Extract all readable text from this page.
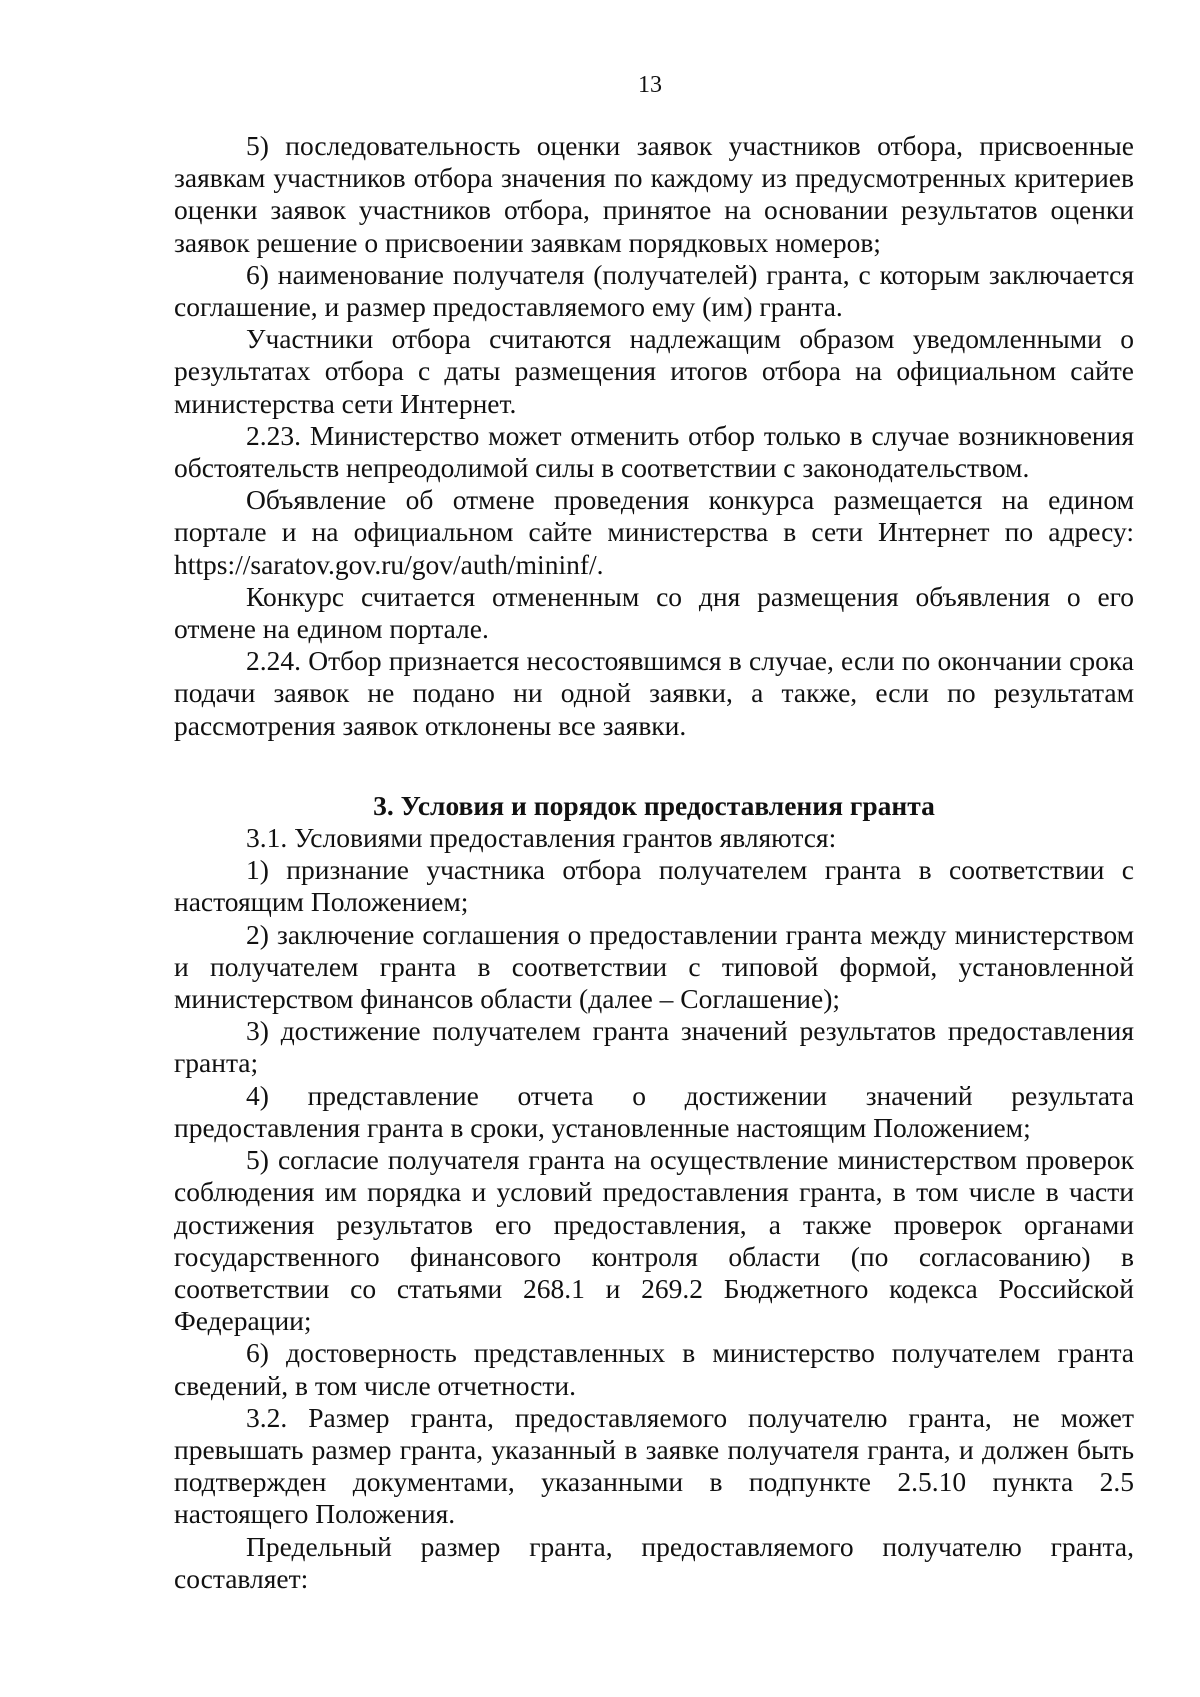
13

5) последовательность оценки заявок участников отбора, присвоенные заявкам участников отбора значения по каждому из предусмотренных критериев оценки заявок участников отбора, принятое на основании результатов оценки заявок решение о присвоении заявкам порядковых номеров;

6) наименование получателя (получателей) гранта, с которым заключается соглашение, и размер предоставляемого ему (им) гранта.

Участники отбора считаются надлежащим образом уведомленными о результатах отбора с даты размещения итогов отбора на официальном сайте министерства сети Интернет.

2.23. Министерство может отменить отбор только в случае возникновения обстоятельств непреодолимой силы в соответствии с законодательством.

Объявление об отмене проведения конкурса размещается на едином портале и на официальном сайте министерства в сети Интернет по адресу: https://saratov.gov.ru/gov/auth/mininf/.

Конкурс считается отмененным со дня размещения объявления о его отмене на едином портале.

2.24. Отбор признается несостоявшимся в случае, если по окончании срока подачи заявок не подано ни одной заявки, а также, если по результатам рассмотрения заявок отклонены все заявки.

3. Условия и порядок предоставления гранта

3.1. Условиями предоставления грантов являются:

1) признание участника отбора получателем гранта в соответствии с настоящим Положением;

2) заключение соглашения о предоставлении гранта между министерством и получателем гранта в соответствии с типовой формой, установленной министерством финансов области (далее – Соглашение);

3) достижение получателем гранта значений результатов предоставления гранта;

4) представление отчета о достижении значений результата предоставления гранта в сроки, установленные настоящим Положением;

5) согласие получателя гранта на осуществление министерством проверок соблюдения им порядка и условий предоставления гранта, в том числе в части достижения результатов его предоставления, а также проверок органами государственного финансового контроля области (по согласованию) в соответствии со статьями 268.1 и 269.2 Бюджетного кодекса Российской Федерации;

6) достоверность представленных в министерство получателем гранта сведений, в том числе отчетности.

3.2. Размер гранта, предоставляемого получателю гранта, не может превышать размер гранта, указанный в заявке получателя гранта, и должен быть подтвержден документами, указанными в подпункте 2.5.10 пункта 2.5 настоящего Положения.

Предельный размер гранта, предоставляемого получателю гранта, составляет:
